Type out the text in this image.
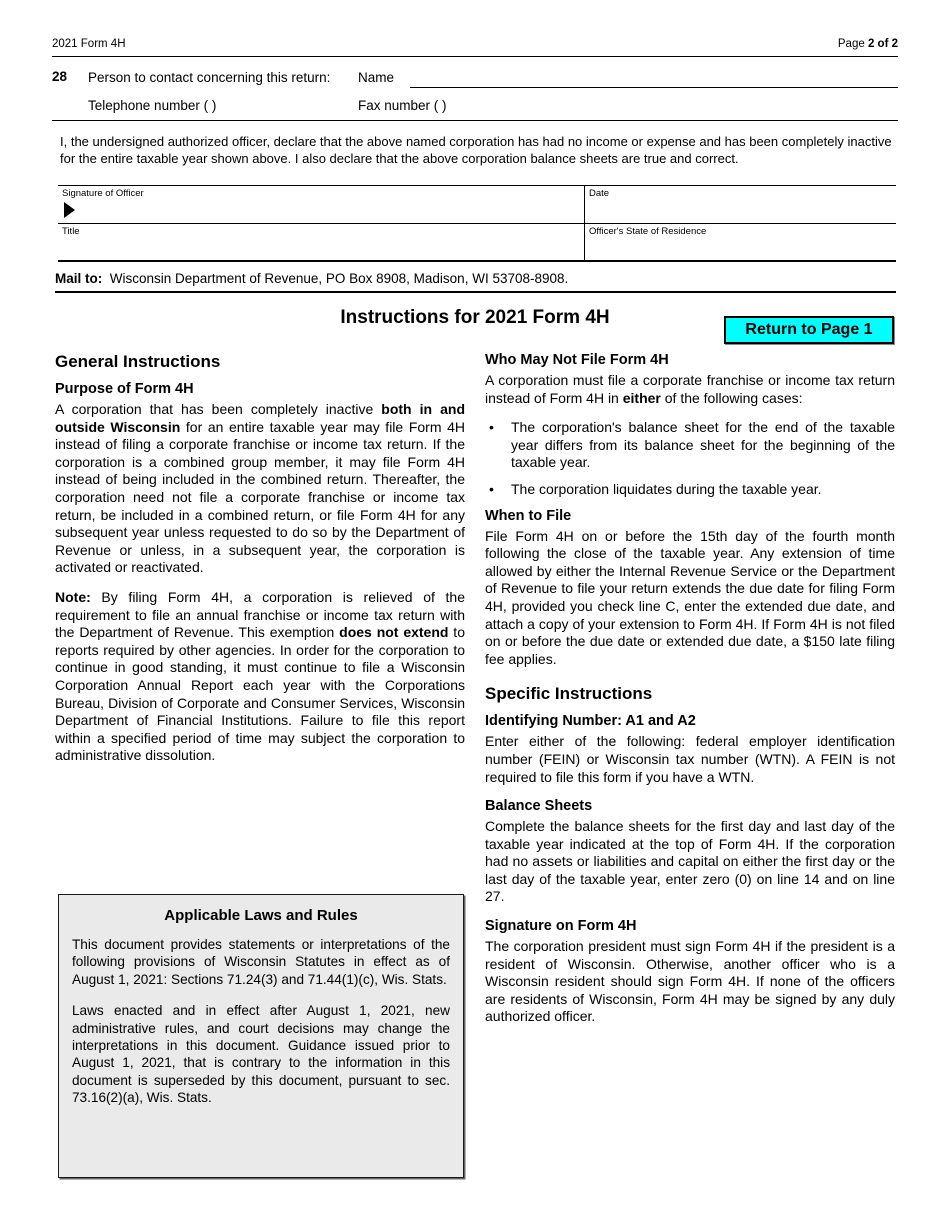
2021 Form 4H	Page 2 of 2
28 Person to contact concerning this return: Name
Telephone number ( )	Fax number ( )
I, the undersigned authorized officer, declare that the above named corporation has had no income or expense and has been completely inactive for the entire taxable year shown above. I also declare that the above corporation balance sheets are true and correct.
Signature of Officer	Date
Title	Officer's State of Residence
Mail to: Wisconsin Department of Revenue, PO Box 8908, Madison, WI 53708-8908.
Instructions for 2021 Form 4H
Return to Page 1
General Instructions
Purpose of Form 4H

A corporation that has been completely inactive both in and outside Wisconsin for an entire taxable year may file Form 4H instead of filing a corporate franchise or income tax return. If the corporation is a combined group member, it may file Form 4H instead of being included in the combined return. Thereafter, the corporation need not file a corporate franchise or income tax return, be included in a combined return, or file Form 4H for any subsequent year unless requested to do so by the Department of Revenue or unless, in a subsequent year, the corporation is activated or reactivated.

Note: By filing Form 4H, a corporation is relieved of the requirement to file an annual franchise or income tax return with the Department of Revenue. This exemption does not extend to reports required by other agencies. In order for the corporation to continue in good standing, it must continue to file a Wisconsin Corporation Annual Report each year with the Corporations Bureau, Division of Corporate and Consumer Services, Wisconsin Department of Financial Institutions. Failure to file this report within a specified period of time may subject the corporation to administrative dissolution.

Applicable Laws and Rules

This document provides statements or interpretations of the following provisions of Wisconsin Statutes in effect as of August 1, 2021: Sections 71.24(3) and 71.44(1)(c), Wis. Stats.

Laws enacted and in effect after August 1, 2021, new administrative rules, and court decisions may change the interpretations in this document. Guidance issued prior to August 1, 2021, that is contrary to the information in this document is superseded by this document, pursuant to sec. 73.16(2)(a), Wis. Stats.

Who May Not File Form 4H

A corporation must file a corporate franchise or income tax return instead of Form 4H in either of the following cases:

• The corporation's balance sheet for the end of the taxable year differs from its balance sheet for the beginning of the taxable year.
• The corporation liquidates during the taxable year.
When to File

File Form 4H on or before the 15th day of the fourth month following the close of the taxable year. Any extension of time allowed by either the Internal Revenue Service or the Department of Revenue to file your return extends the due date for filing Form 4H, provided you check line C, enter the extended due date, and attach a copy of your extension to Form 4H. If Form 4H is not filed on or before the due date or extended due date, a $150 late filing fee applies.

Specific Instructions
Identifying Number: A1 and A2

Enter either of the following: federal employer identification number (FEIN) or Wisconsin tax number (WTN). A FEIN is not required to file this form if you have a WTN.

Balance Sheets

Complete the balance sheets for the first day and last day of the taxable year indicated at the top of Form 4H. If the corporation had no assets or liabilities and capital on either the first day or the last day of the taxable year, enter zero (0) on line 14 and on line 27.

Signature on Form 4H

The corporation president must sign Form 4H if the president is a resident of Wisconsin. Otherwise, another officer who is a Wisconsin resident should sign Form 4H. If none of the officers are residents of Wisconsin, Form 4H may be signed by any duly authorized officer.
